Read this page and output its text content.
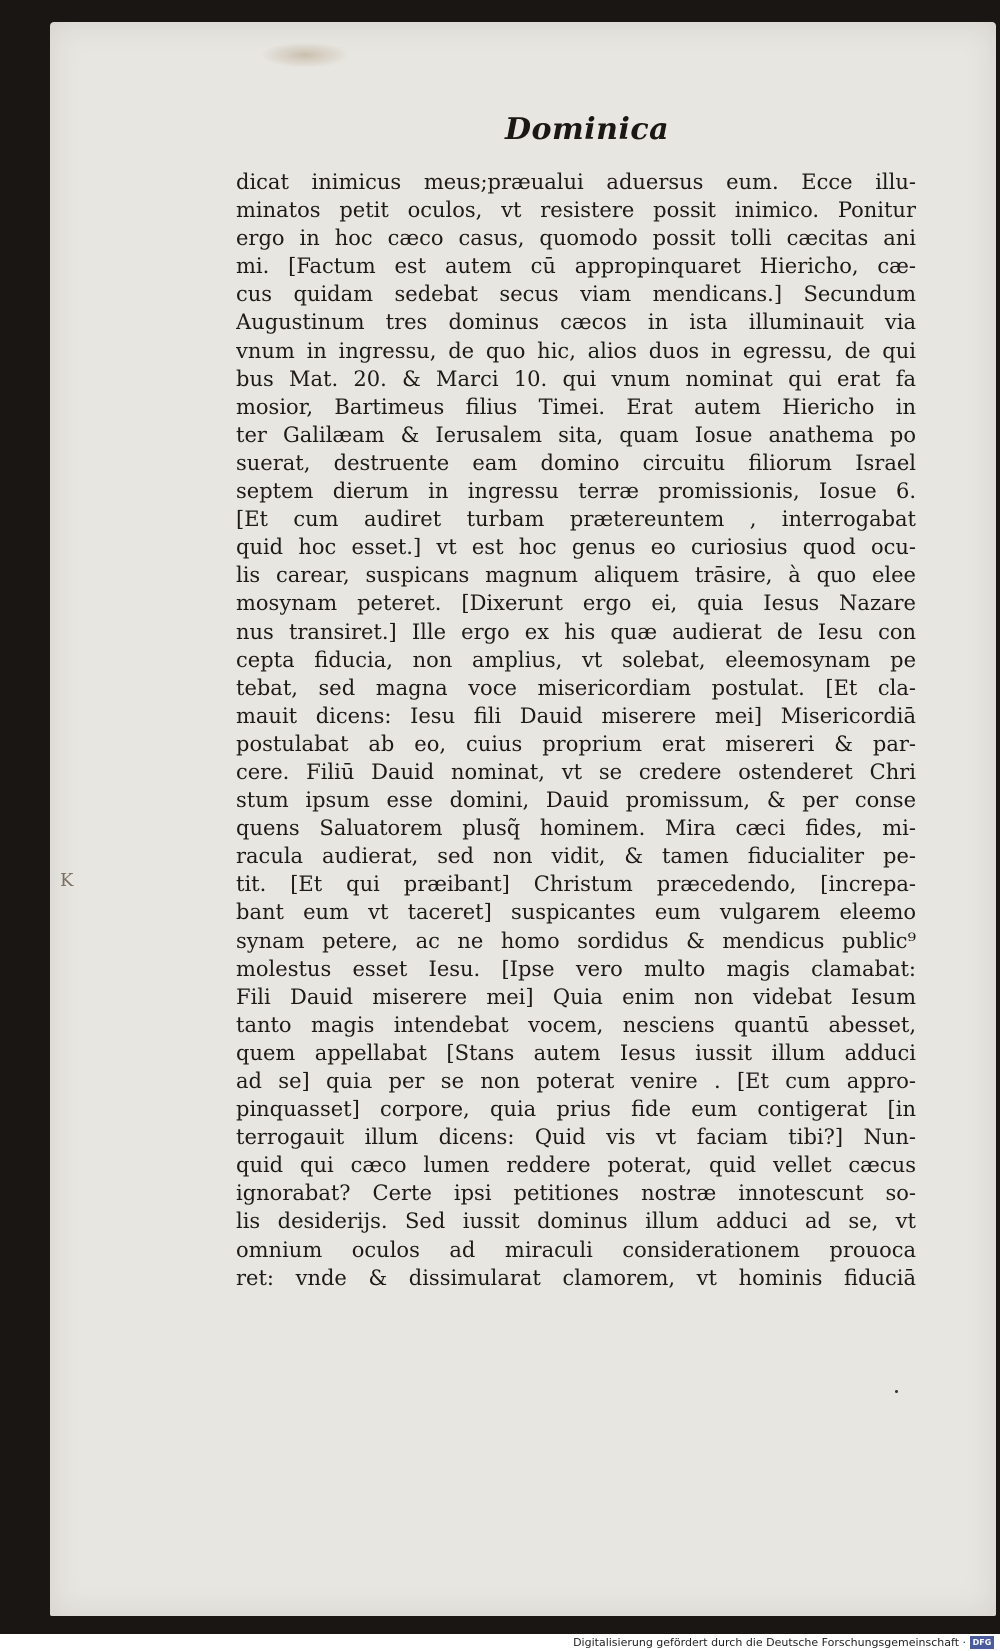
K
Dominica
dicat inimicus meus;præualui aduersus eum. Ecce illu-
minatos petit oculos, vt resistere possit inimico. Ponitur
ergo in hoc cæco casus, quomodo possit tolli cæcitas ani
mi. [Factum est autem cū appropinquaret Hiericho, cæ-
cus quidam sedebat secus viam mendicans.] Secundum
Augustinum tres dominus cæcos in ista illuminauit via
vnum in ingressu, de quo hic, alios duos in egressu, de qui
bus Mat. 20. & Marci 10. qui vnum nominat qui erat fa
mosior, Bartimeus filius Timei. Erat autem Hiericho in
ter Galilæam & Ierusalem sita, quam Iosue anathema po
suerat, destruente eam domino circuitu filiorum Israel
septem dierum in ingressu terræ promissionis, Iosue 6.
[Et cum audiret turbam prætereuntem , interrogabat
quid hoc esset.] vt est hoc genus eo curiosius quod ocu-
lis carear, suspicans magnum aliquem trāsire, à quo elee
mosynam peteret. [Dixerunt ergo ei, quia Iesus Nazare
nus transiret.] Ille ergo ex his quæ audierat de Iesu con
cepta fiducia, non amplius, vt solebat, eleemosynam pe
tebat, sed magna voce misericordiam postulat. [Et cla-
mauit dicens: Iesu fili Dauid miserere mei] Misericordiā
postulabat ab eo, cuius proprium erat misereri & par-
cere. Filiū Dauid nominat, vt se credere ostenderet Chri
stum ipsum esse domini, Dauid promissum, & per conse
quens Saluatorem plusq̃ hominem. Mira cæci fides, mi-
racula audierat, sed non vidit, & tamen fiducialiter pe-
tit. [Et qui præibant] Christum præcedendo, [increpa-
bant eum vt taceret] suspicantes eum vulgarem eleemo
synam petere, ac ne homo sordidus & mendicus public⁹
molestus esset Iesu. [Ipse vero multo magis clamabat:
Fili Dauid miserere mei] Quia enim non videbat Iesum
tanto magis intendebat vocem, nesciens quantū abesset,
quem appellabat [Stans autem Iesus iussit illum adduci
ad se] quia per se non poterat venire . [Et cum appro-
pinquasset] corpore, quia prius fide eum contigerat [in
terrogauit illum dicens: Quid vis vt faciam tibi?] Nun-
quid qui cæco lumen reddere poterat, quid vellet cæcus
ignorabat? Certe ipsi petitiones nostræ innotescunt so-
lis desiderijs. Sed iussit dominus illum adduci ad se, vt
omnium oculos ad miraculi considerationem prouoca
ret: vnde & dissimularat clamorem, vt hominis fiduciā
Digitalisierung gefördert durch die Deutsche Forschungsgemeinschaft · DFG
